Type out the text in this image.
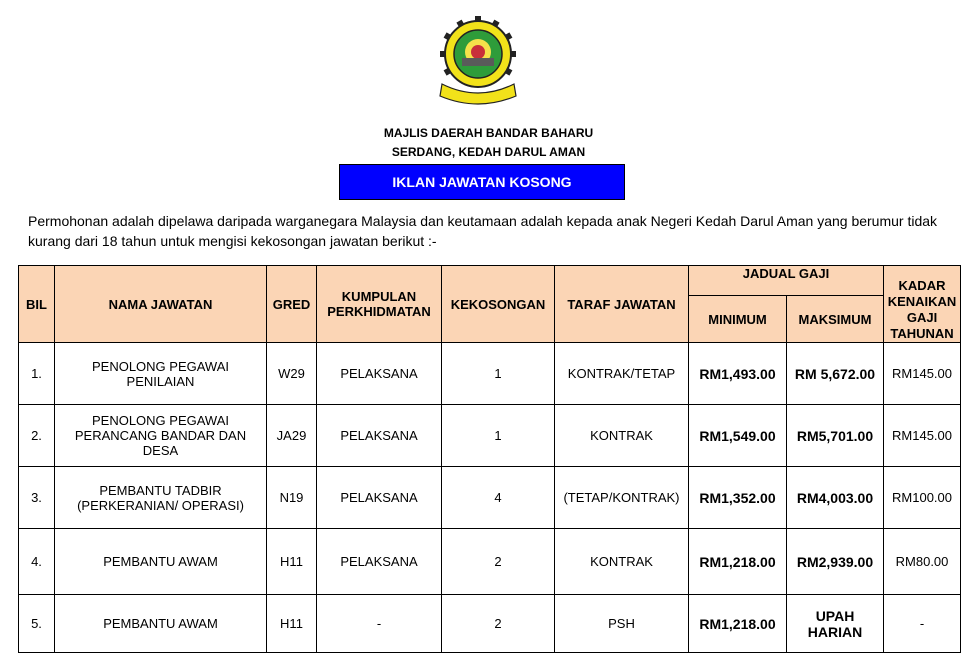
MAJLIS DAERAH BANDAR BAHARU
SERDANG, KEDAH DARUL AMAN
IKLAN JAWATAN KOSONG
Permohonan adalah dipelawa daripada warganegara Malaysia dan keutamaan adalah kepada anak Negeri Kedah Darul Aman yang berumur tidak kurang dari 18 tahun untuk mengisi kekosongan jawatan berikut :-
BIL	NAMA JAWATAN	GRED	KUMPULAN PERKHIDMATAN	KEKOSONGAN	TARAF JAWATAN	JADUAL GAJI		KADAR KENAIKAN GAJI TAHUNAN
						MINIMUM	MAKSIMUM	
1.	PENOLONG PEGAWAI PENILAIAN	W29	PELAKSANA	1	KONTRAK/TETAP	RM1,493.00	RM 5,672.00	RM145.00
2.	PENOLONG PEGAWAI PERANCANG BANDAR DAN DESA	JA29	PELAKSANA	1	KONTRAK	RM1,549.00	RM5,701.00	RM145.00
3.	PEMBANTU TADBIR (PERKERANIAN/ OPERASI)	N19	PELAKSANA	4	(TETAP/KONTRAK)	RM1,352.00	RM4,003.00	RM100.00
4.	PEMBANTU AWAM	H11	PELAKSANA	2	KONTRAK	RM1,218.00	RM2,939.00	RM80.00
5.	PEMBANTU AWAM	H11	-	2	PSH	RM1,218.00	UPAH HARIAN	-
